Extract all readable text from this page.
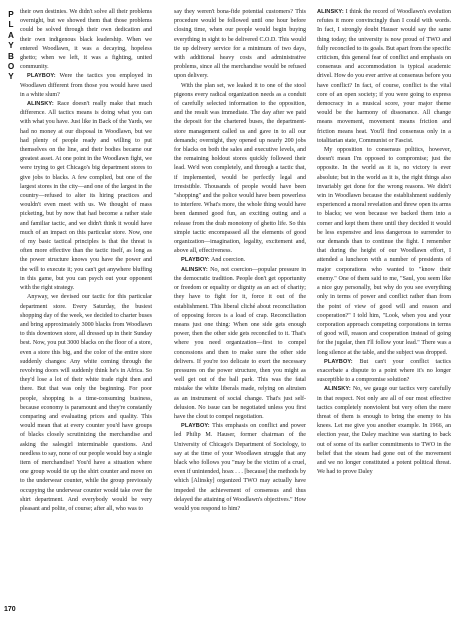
P
L
A
Y
B
O
Y

their own destinies. We didn't solve all their problems overnight, but we showed them that those problems could be solved through their own dedication and their own indigenous black leadership. When we entered Woodlawn, it was a decaying, hopeless ghetto; when we left, it was a fighting, united community.

PLAYBOY: Were the tactics you employed in Woodlawn different from those you would have used in a white slum?

ALINSKY: Race doesn't really make that much difference. All tactics means is doing what you can with what you have. Just like in Back of the Yards, we had no money at our disposal in Woodlawn, but we had plenty of people ready and willing to put themselves on the line, and their bodies became our greatest asset. At one point in the Woodlawn fight, we were trying to get Chicago's big department stores to give jobs to blacks. A few complied, but one of the largest stores in the city—and one of the largest in the country—refused to alter its hiring practices and wouldn't even meet with us. We thought of mass picketing, but by now that had become a rather stale and familiar tactic, and we didn't think it would have much of an impact on this particular store. Now, one of my basic tactical principles is that the threat is often more effective than the tactic itself, as long as the power structure knows you have the power and the will to execute it; you can't get anywhere bluffing in this game, but you can psych out your opponent with the right strategy.

Anyway, we devised our tactic for this particular department store. Every Saturday, the busiest shopping day of the week, we decided to charter buses and bring approximately 3000 blacks from Woodlawn to this downtown store, all dressed up in their Sunday best. Now, you put 3000 blacks on the floor of a store, even a store this big, and the color of the entire store suddenly changes: Any white coming through the revolving doors will suddenly think he's in Africa. So they'd lose a lot of their white trade right then and there. But that was only the beginning. For poor people, shopping is a time-consuming business, because economy is paramount and they're constantly comparing and evaluating prices and quality. This would mean that at every counter you'd have groups of blacks closely scrutinizing the merchandise and asking the salesgirl interminable questions. And needless to say, none of our people would buy a single item of merchandise! You'd have a situation where one group would tie up the shirt counter and move on to the underwear counter, while the group previously occupying the underwear counter would take over the shirt department. And everybody would be very pleasant and polite, of course; after all, who was to

say they weren't bona-fide potential customers? This procedure would be followed until one hour before closing time, when our people would begin buying everything in sight to be delivered C.O.D. This would tie up delivery service for a minimum of two days, with additional heavy costs and administrative problems, since all the merchandise would be refused upon delivery.

With the plan set, we leaked it to one of the stool pigeons every radical organization needs as a conduit of carefully selected information to the opposition, and the result was immediate. The day after we paid the deposit for the chartered buses, the department-store management called us and gave in to all our demands; overnight, they opened up nearly 200 jobs for blacks on both the sales and executive levels, and the remaining holdout stores quickly followed their lead. We'd won completely, and through a tactic that, if implemented, would be perfectly legal and irresistible. Thousands of people would have been "shopping" and the police would have been powerless to interfere. What's more, the whole thing would have been damned good fun, an exciting outing and a release from the drab monotony of ghetto life. So this simple tactic encompassed all the elements of good organization—imagination, legality, excitement and, above all, effectiveness.

PLAYBOY: And coercion.

ALINSKY: No, not coercion—popular pressure in the democratic tradition. People don't get opportunity or freedom or equality or dignity as an act of charity; they have to fight for it, force it out of the establishment. This liberal cliché about reconciliation of opposing forces is a load of crap. Reconciliation means just one thing: When one side gets enough power, then the other side gets reconciled to it. That's where you need organization—first to compel concessions and then to make sure the other side delivers. If you're too delicate to exert the necessary pressures on the power structure, then you might as well get out of the ball park. This was the fatal mistake the white liberals made, relying on altruism as an instrument of social change. That's just self-delusion. No issue can be negotiated unless you first have the clout to compel negotiation.

PLAYBOY: This emphasis on conflict and power led Philip M. Hauser, former chairman of the University of Chicago's Department of Sociology, to say at the time of your Woodlawn struggle that any black who follows you "may be the victim of a cruel, even if unintended, hoax . . . [because] the methods by which [Alinsky] organized TWO may actually have impeded the achievement of consensus and thus delayed the attaining of Woodlawn's objectives." How would you respond to him?

ALINSKY: I think the record of Woodlawn's evolution refutes it more convincingly than I could with words. In fact, I strongly doubt Hauser would say the same thing today; the university is now proud of TWO and fully reconciled to its goals. But apart from the specific criticism, this general fear of conflict and emphasis on consensus and accommodation is typical academic drivel. How do you ever arrive at consensus before you have conflict? In fact, of course, conflict is the vital core of an open society; if you were going to express democracy in a musical score, your major theme would be the harmony of dissonance. All change means movement, movement means friction and friction means heat. You'll find consensus only in a totalitarian state, Communist or Fascist.

My opposition to consensus politics, however, doesn't mean I'm opposed to compromise; just the opposite. In the world as it is, no victory is ever absolute; but in the world as it is, the right things also invariably get done for the wrong reasons. We didn't win in Woodlawn because the establishment suddenly experienced a moral revelation and threw open its arms to blacks; we won because we backed them into a corner and kept them there until they decided it would be less expensive and less dangerous to surrender to our demands than to continue the fight. I remember that during the height of our Woodlawn effort, I attended a luncheon with a number of presidents of major corporations who wanted to "know their enemy." One of them said to me, "Saul, you seem like a nice guy personally, but why do you see everything only in terms of power and conflict rather than from the point of view of good will and reason and cooperation?" I told him, "Look, when you and your corporation approach competing corporations in terms of good will, reason and cooperation instead of going for the jugular, then I'll follow your lead." There was a long silence at the table, and the subject was dropped.

PLAYBOY: But can't your conflict tactics exacerbate a dispute to a point where it's no longer susceptible to a compromise solution?

ALINSKY: No, we gauge our tactics very carefully in that respect. Not only are all of our most effective tactics completely nonviolent but very often the mere threat of them is enough to bring the enemy to his knees. Let me give you another example. In 1966, an election year, the Daley machine was starting to back out of some of its earlier commitments to TWO in the belief that the steam had gone out of the movement and we no longer constituted a potent political threat. We had to prove Daley

170
